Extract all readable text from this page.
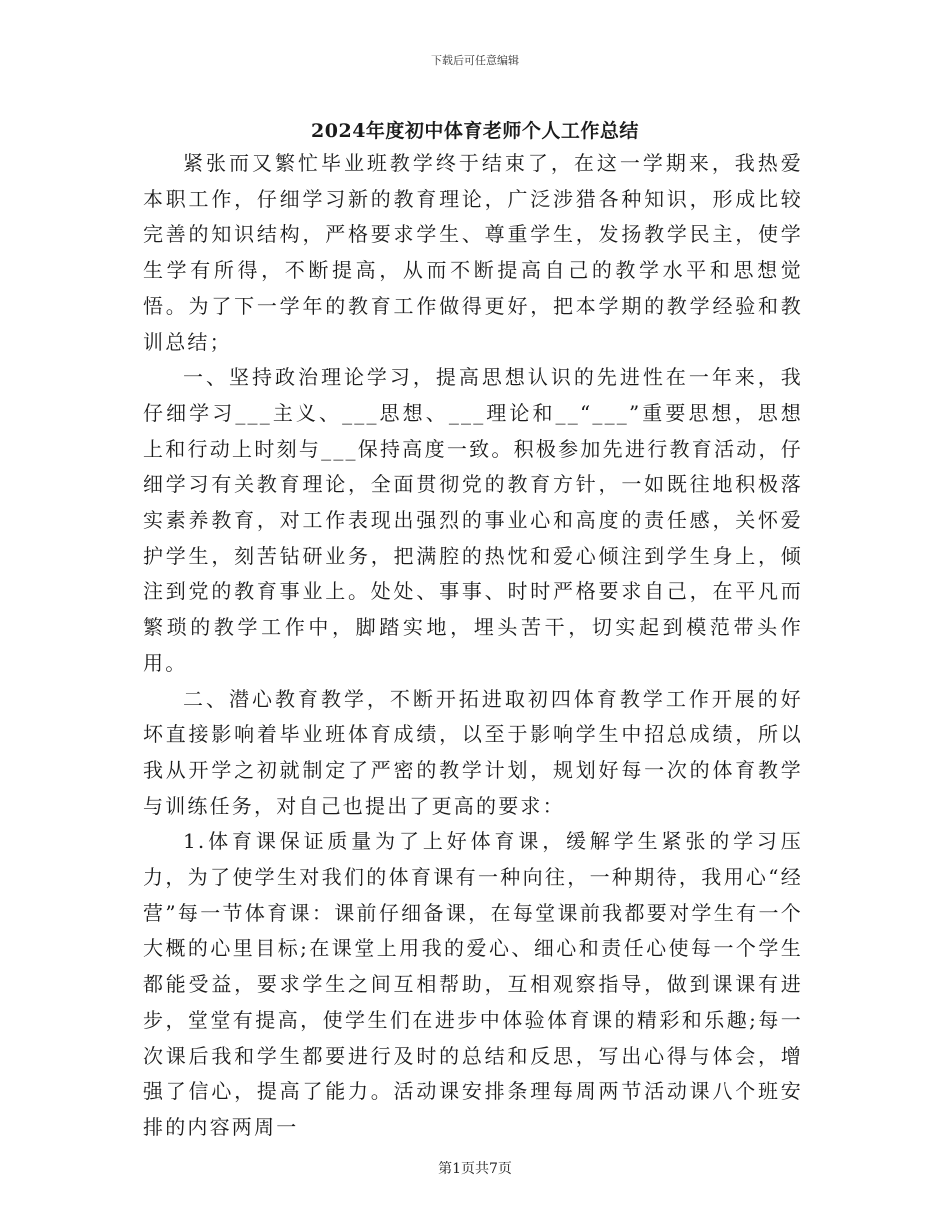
下载后可任意编辑
2024年度初中体育老师个人工作总结

紧张而又繁忙毕业班教学终于结束了，在这一学期来，我热爱本职工作，仔细学习新的教育理论，广泛涉猎各种知识，形成比较完善的知识结构，严格要求学生、尊重学生，发扬教学民主，使学生学有所得，不断提高，从而不断提高自己的教学水平和思想觉悟。为了下一学年的教育工作做得更好，把本学期的教学经验和教训总结；

一、坚持政治理论学习，提高思想认识的先进性在一年来，我仔细学习___主义、___思想、___理论和__“___”重要思想，思想上和行动上时刻与___保持高度一致。积极参加先进行教育活动，仔细学习有关教育理论，全面贯彻党的教育方针，一如既往地积极落实素养教育，对工作表现出强烈的事业心和高度的责任感，关怀爱护学生，刻苦钻研业务，把满腔的热忱和爱心倾注到学生身上，倾注到党的教育事业上。处处、事事、时时严格要求自己，在平凡而繁琐的教学工作中，脚踏实地，埋头苦干，切实起到模范带头作用。

二、潜心教育教学，不断开拓进取初四体育教学工作开展的好坏直接影响着毕业班体育成绩，以至于影响学生中招总成绩，所以我从开学之初就制定了严密的教学计划，规划好每一次的体育教学与训练任务，对自己也提出了更高的要求：

1.体育课保证质量为了上好体育课，缓解学生紧张的学习压力，为了使学生对我们的体育课有一种向往，一种期待，我用心“经营”每一节体育课：课前仔细备课，在每堂课前我都要对学生有一个大概的心里目标;在课堂上用我的爱心、细心和责任心使每一个学生都能受益，要求学生之间互相帮助，互相观察指导，做到课课有进步，堂堂有提高，使学生们在进步中体验体育课的精彩和乐趣;每一次课后我和学生都要进行及时的总结和反思，写出心得与体会，增强了信心，提高了能力。活动课安排条理每周两节活动课八个班安排的内容两周一

第1页共7页
